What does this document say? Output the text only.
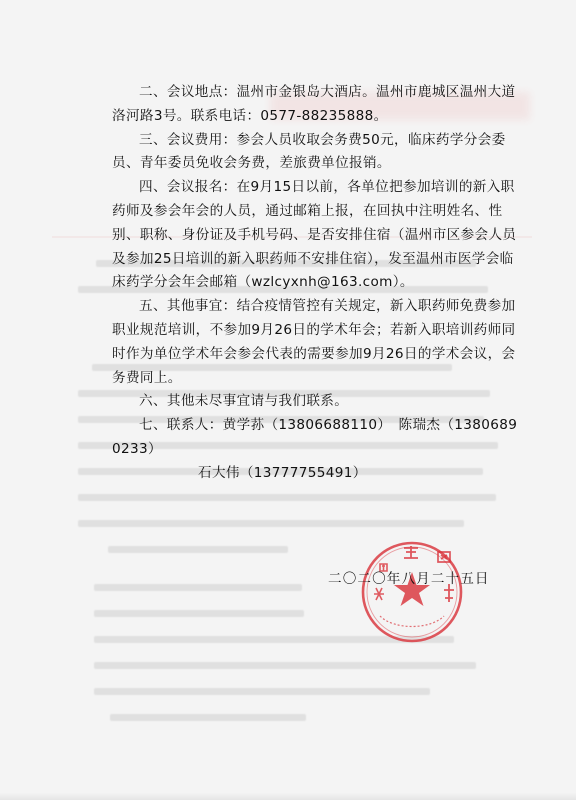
二、会议地点：温州市金银岛大酒店。温州市鹿城区温州大道洛河路3号。联系电话：0577-88235888。

三、会议费用：参会人员收取会务费50元，临床药学分会委员、青年委员免收会务费，差旅费单位报销。

四、会议报名：在9月15日以前，各单位把参加培训的新入职药师及参会年会的人员，通过邮箱上报，在回执中注明姓名、性别、职称、身份证及手机号码、是否安排住宿（温州市区参会人员及参加25日培训的新入职药师不安排住宿），发至温州市医学会临床药学分会年会邮箱（wzlcyxnh@163.com）。

五、其他事宜：结合疫情管控有关规定，新入职药师免费参加职业规范培训，不参加9月26日的学术年会；若新入职培训药师同时作为单位学术年会参会代表的需要参加9月26日的学术会议，会务费同上。

六、其他未尽事宜请与我们联系。

七、联系人：黄学荪（13806688110）　陈瑞杰（13806890233）

石大伟（13777755491）

二〇二〇年八月二十五日
